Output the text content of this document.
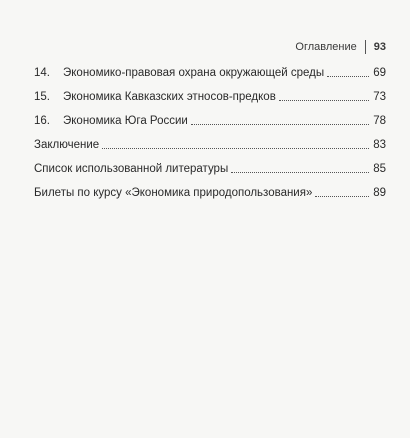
Оглавление 93
14.	Экономико-правовая охрана окружающей среды	69
15.	Экономика Кавказских этносов-предков	73
16.	Экономика Юга России	78
Заключение	83
Список использованной литературы	85
Билеты по курсу «Экономика природопользования»	89
